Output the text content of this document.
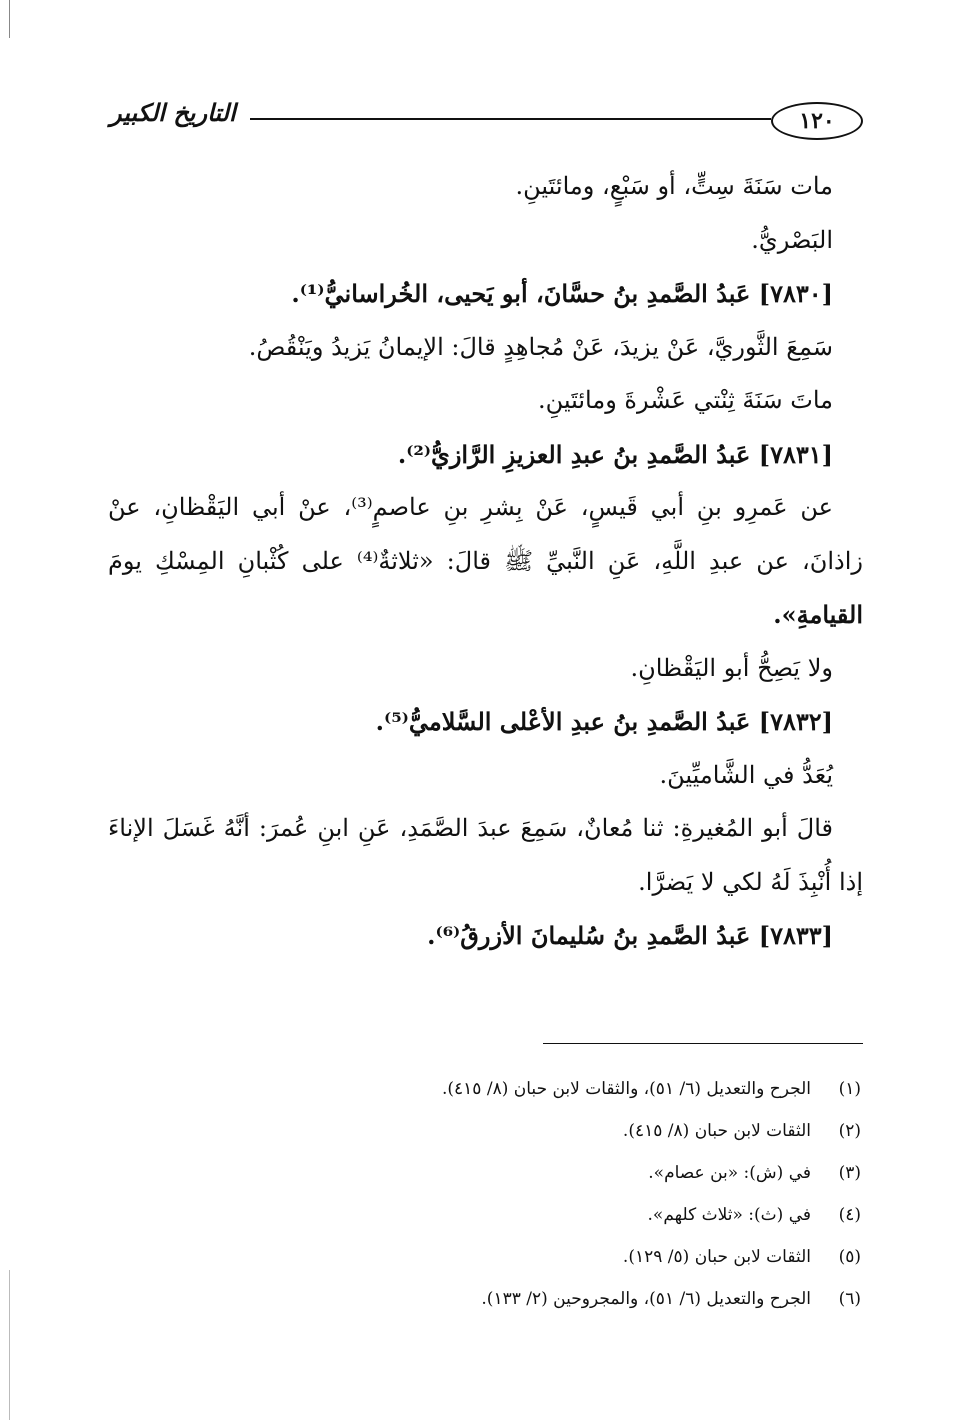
١٢٠
التاريخ الكبير
مات سَنَةَ سِتٍّ، أو سَبْعٍ، ومائتَينِ.
البَصْريُّ.
[٧٨٣٠] عَبدُ الصَّمدِ بنُ حسَّانَ، أبو يَحيى، الخُراسانيُّ⁽¹⁾.
سَمِعَ الثَّوريَّ، عَنْ يزيدَ، عَنْ مُجاهِدٍ قالَ: الإيمانُ يَزيدُ ويَنْقُصُ.
ماتَ سَنَةَ ثِنْتي عَشْرةَ ومائتَينِ.
[٧٨٣١] عَبدُ الصَّمدِ بنُ عبدِ العزيزِ الرَّازيُّ⁽²⁾.
عن عَمرِو بنِ أبي قَيسٍ، عَنْ بِشرِ بنِ عاصمٍ⁽³⁾، عنْ أبي اليَقْظانِ، عنْ
زاذانَ، عن عبدِ اللَّهِ، عَنِ النَّبيِّ ﷺ قالَ: «ثلاثةٌ⁽⁴⁾ على كُثْبانِ المِسْكِ يومَ
القيامةِ».
ولا يَصِحُّ أبو اليَقْظانِ.
[٧٨٣٢] عَبدُ الصَّمدِ بنُ عبدِ الأعْلى السَّلاميُّ⁽⁵⁾.
يُعَدُّ في الشَّاميِّينَ.
قالَ أبو المُغيرةِ: ثنا مُعانٌ، سَمِعَ عبدَ الصَّمَدِ، عَنِ ابنِ عُمرَ: أنَّهُ غَسَلَ الإناءَ
إذا أُنْبِذَ لَهُ لكي لا يَضرَّا.
[٧٨٣٣] عَبدُ الصَّمدِ بنُ سُليمانَ الأزرقُ⁽⁶⁾.
(١)الجرح والتعديل (٦/ ٥١)، والثقات لابن حبان (٨/ ٤١٥).
(٢)الثقات لابن حبان (٨/ ٤١٥).
(٣)في (ش): «بن عصام».
(٤)في (ث): «ثلاث كلهم».
(٥)الثقات لابن حبان (٥/ ١٢٩).
(٦)الجرح والتعديل (٦/ ٥١)، والمجروحين (٢/ ١٣٣).
